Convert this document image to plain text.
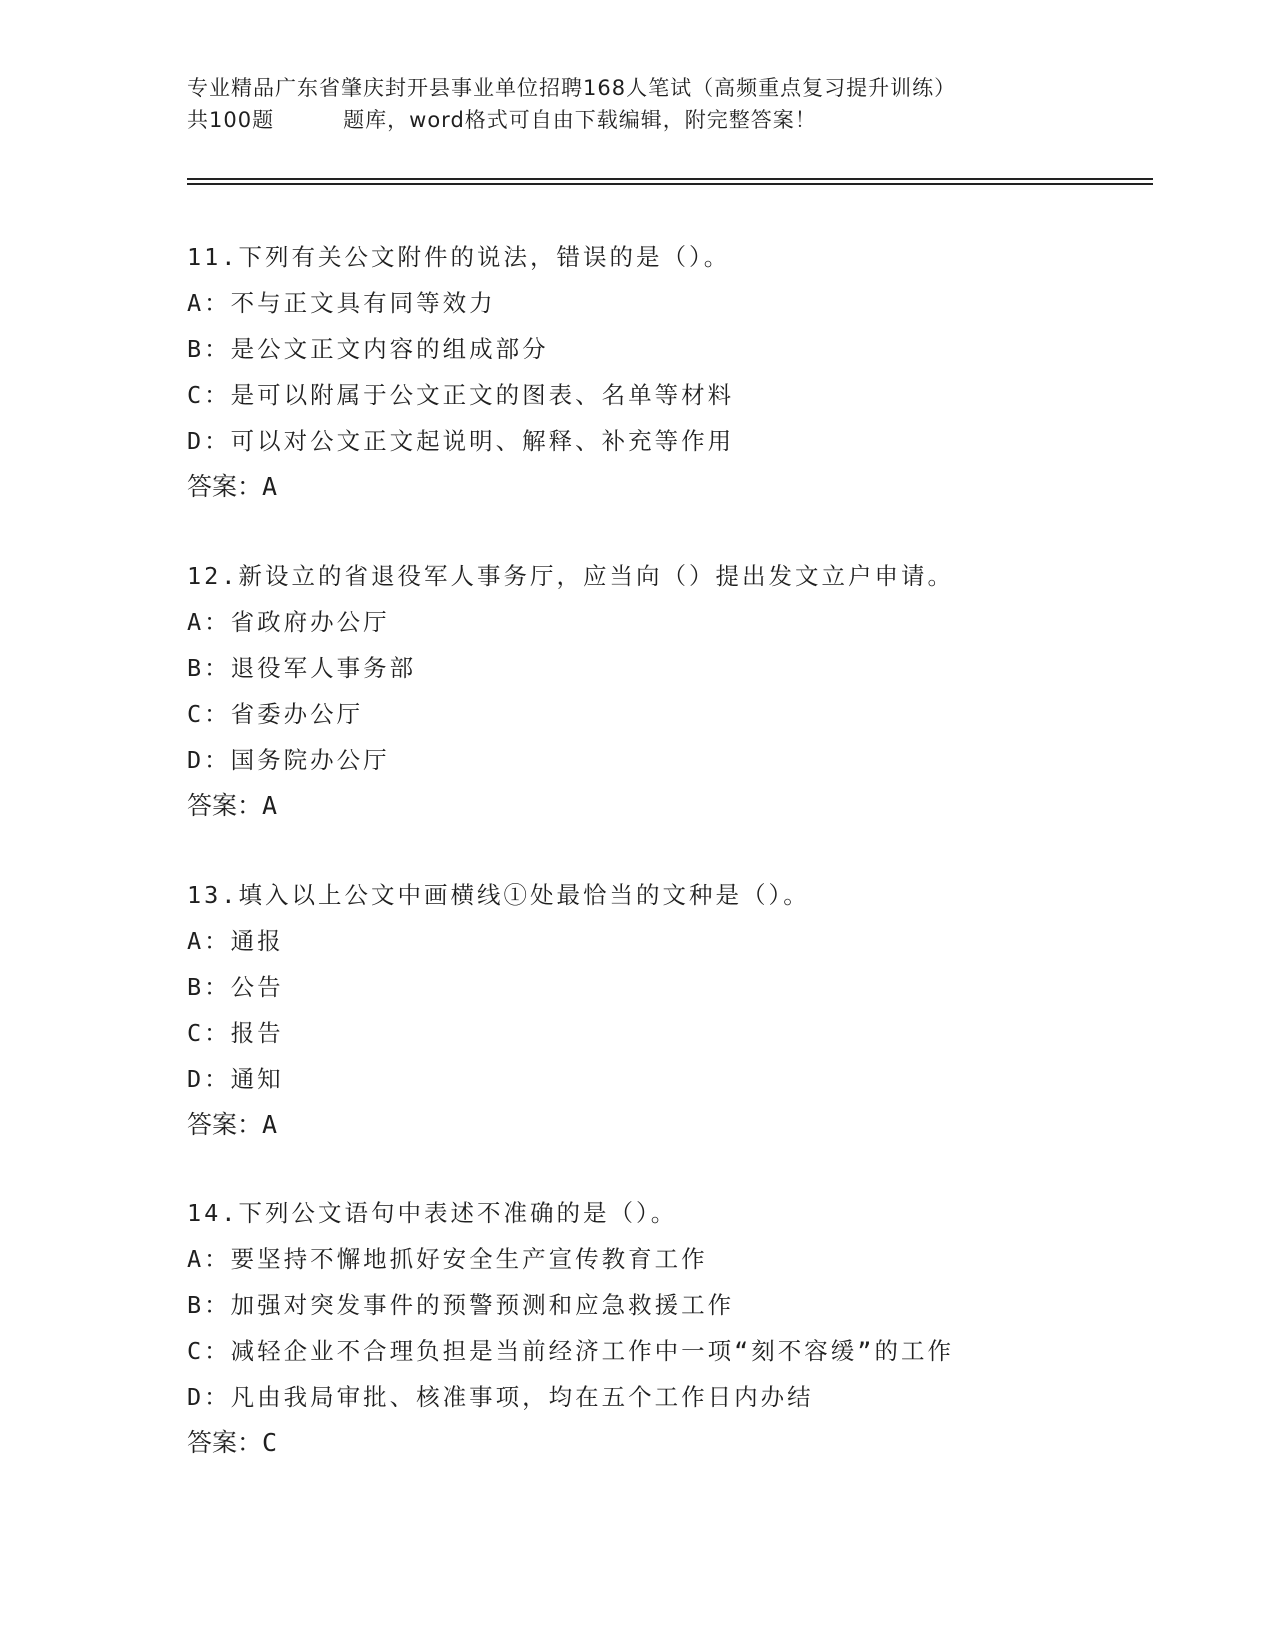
专业精品广东省肇庆封开县事业单位招聘168人笔试（高频重点复习提升训练）
共100题         题库，word格式可自由下载编辑，附完整答案！
11.下列有关公文附件的说法，错误的是（）。
A：不与正文具有同等效力
B：是公文正文内容的组成部分
C：是可以附属于公文正文的图表、名单等材料
D：可以对公文正文起说明、解释、补充等作用
答案：A
12.新设立的省退役军人事务厅，应当向（）提出发文立户申请。
A：省政府办公厅
B：退役军人事务部
C：省委办公厅
D：国务院办公厅
答案：A
13.填入以上公文中画横线①处最恰当的文种是（）。
A：通报
B：公告
C：报告
D：通知
答案：A
14.下列公文语句中表述不准确的是（）。
A：要坚持不懈地抓好安全生产宣传教育工作
B：加强对突发事件的预警预测和应急救援工作
C：减轻企业不合理负担是当前经济工作中一项“刻不容缓”的工作
D：凡由我局审批、核准事项，均在五个工作日内办结
答案：C
